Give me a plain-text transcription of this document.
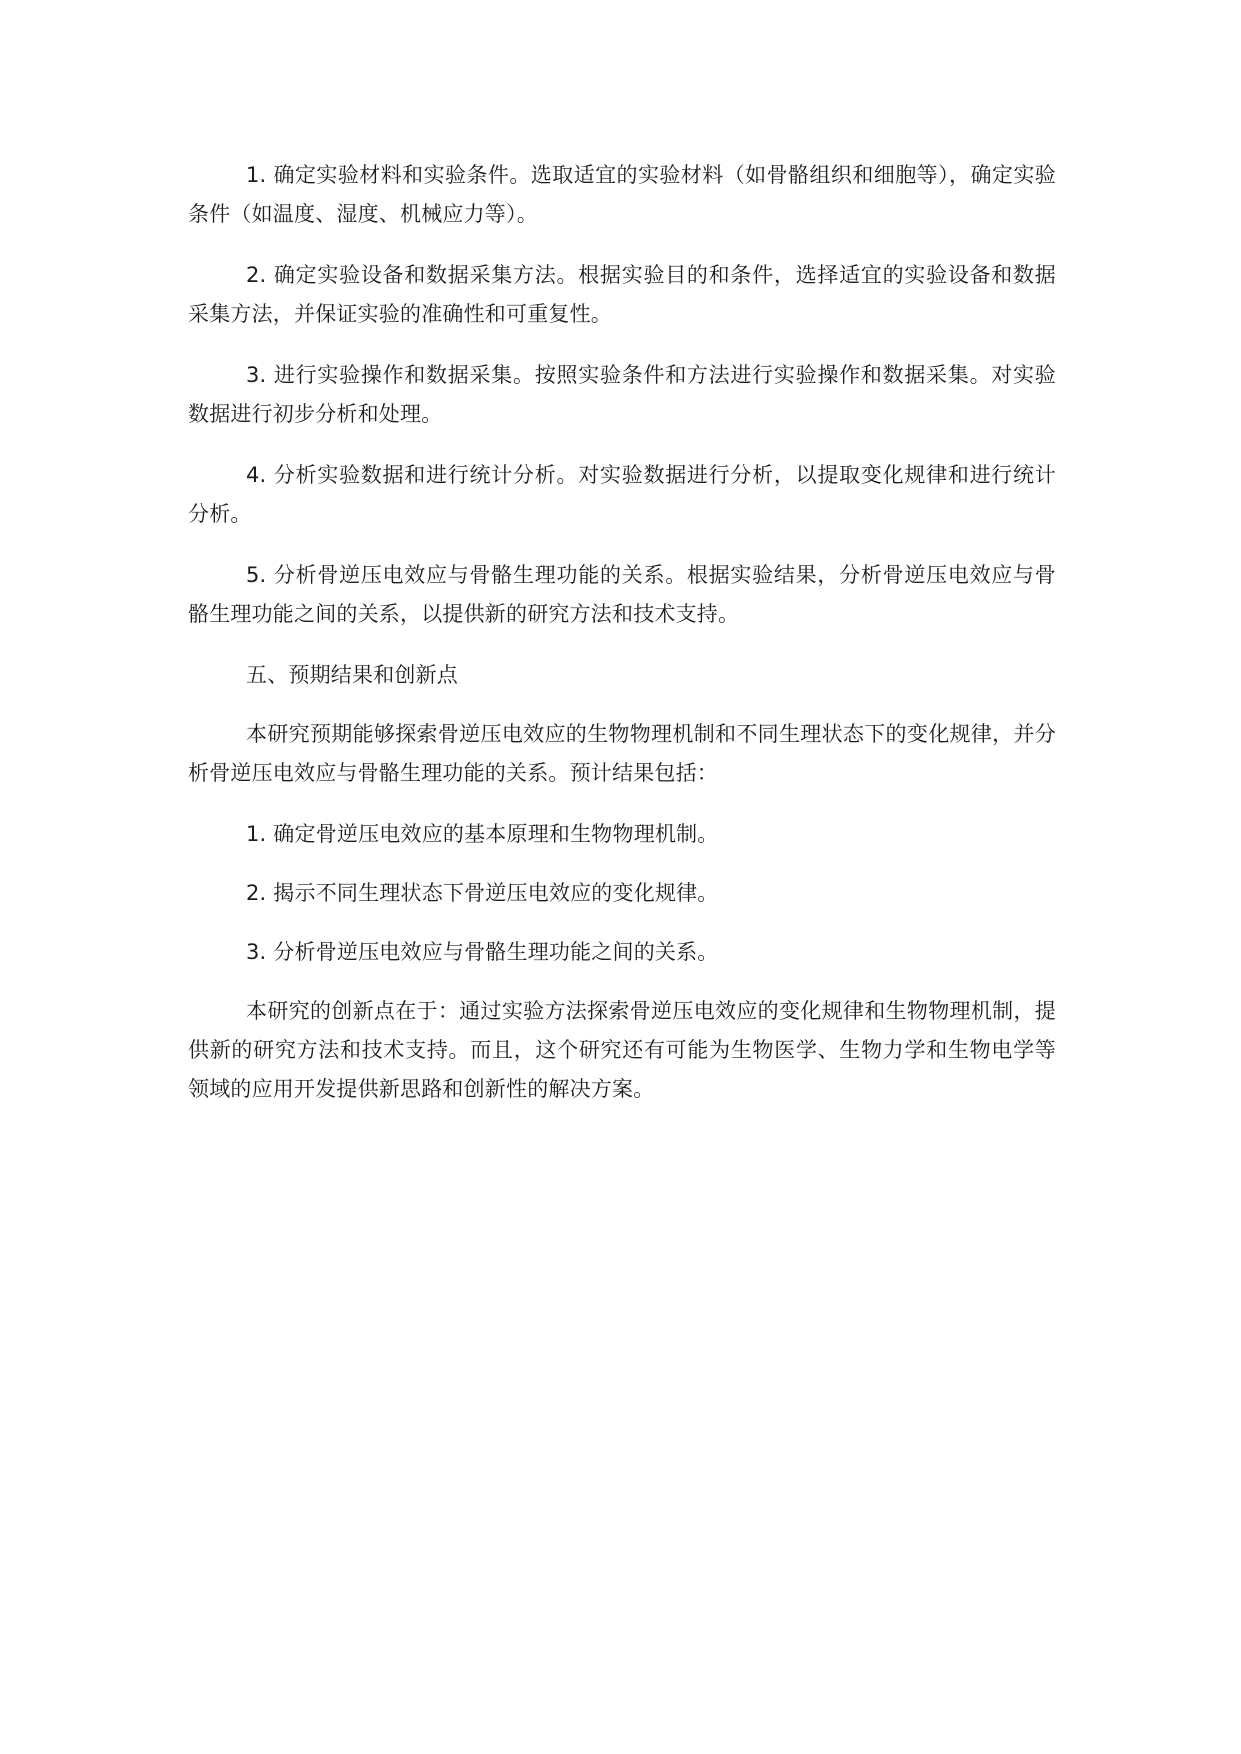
1. 确定实验材料和实验条件。选取适宜的实验材料（如骨骼组织和细胞等），确定实验条件（如温度、湿度、机械应力等）。

2. 确定实验设备和数据采集方法。根据实验目的和条件，选择适宜的实验设备和数据采集方法，并保证实验的准确性和可重复性。

3. 进行实验操作和数据采集。按照实验条件和方法进行实验操作和数据采集。对实验数据进行初步分析和处理。

4. 分析实验数据和进行统计分析。对实验数据进行分析，以提取变化规律和进行统计分析。

5. 分析骨逆压电效应与骨骼生理功能的关系。根据实验结果，分析骨逆压电效应与骨骼生理功能之间的关系，以提供新的研究方法和技术支持。

五、预期结果和创新点

本研究预期能够探索骨逆压电效应的生物物理机制和不同生理状态下的变化规律，并分析骨逆压电效应与骨骼生理功能的关系。预计结果包括：

1. 确定骨逆压电效应的基本原理和生物物理机制。

2. 揭示不同生理状态下骨逆压电效应的变化规律。

3. 分析骨逆压电效应与骨骼生理功能之间的关系。

本研究的创新点在于：通过实验方法探索骨逆压电效应的变化规律和生物物理机制，提供新的研究方法和技术支持。而且，这个研究还有可能为生物医学、生物力学和生物电学等领域的应用开发提供新思路和创新性的解决方案。
